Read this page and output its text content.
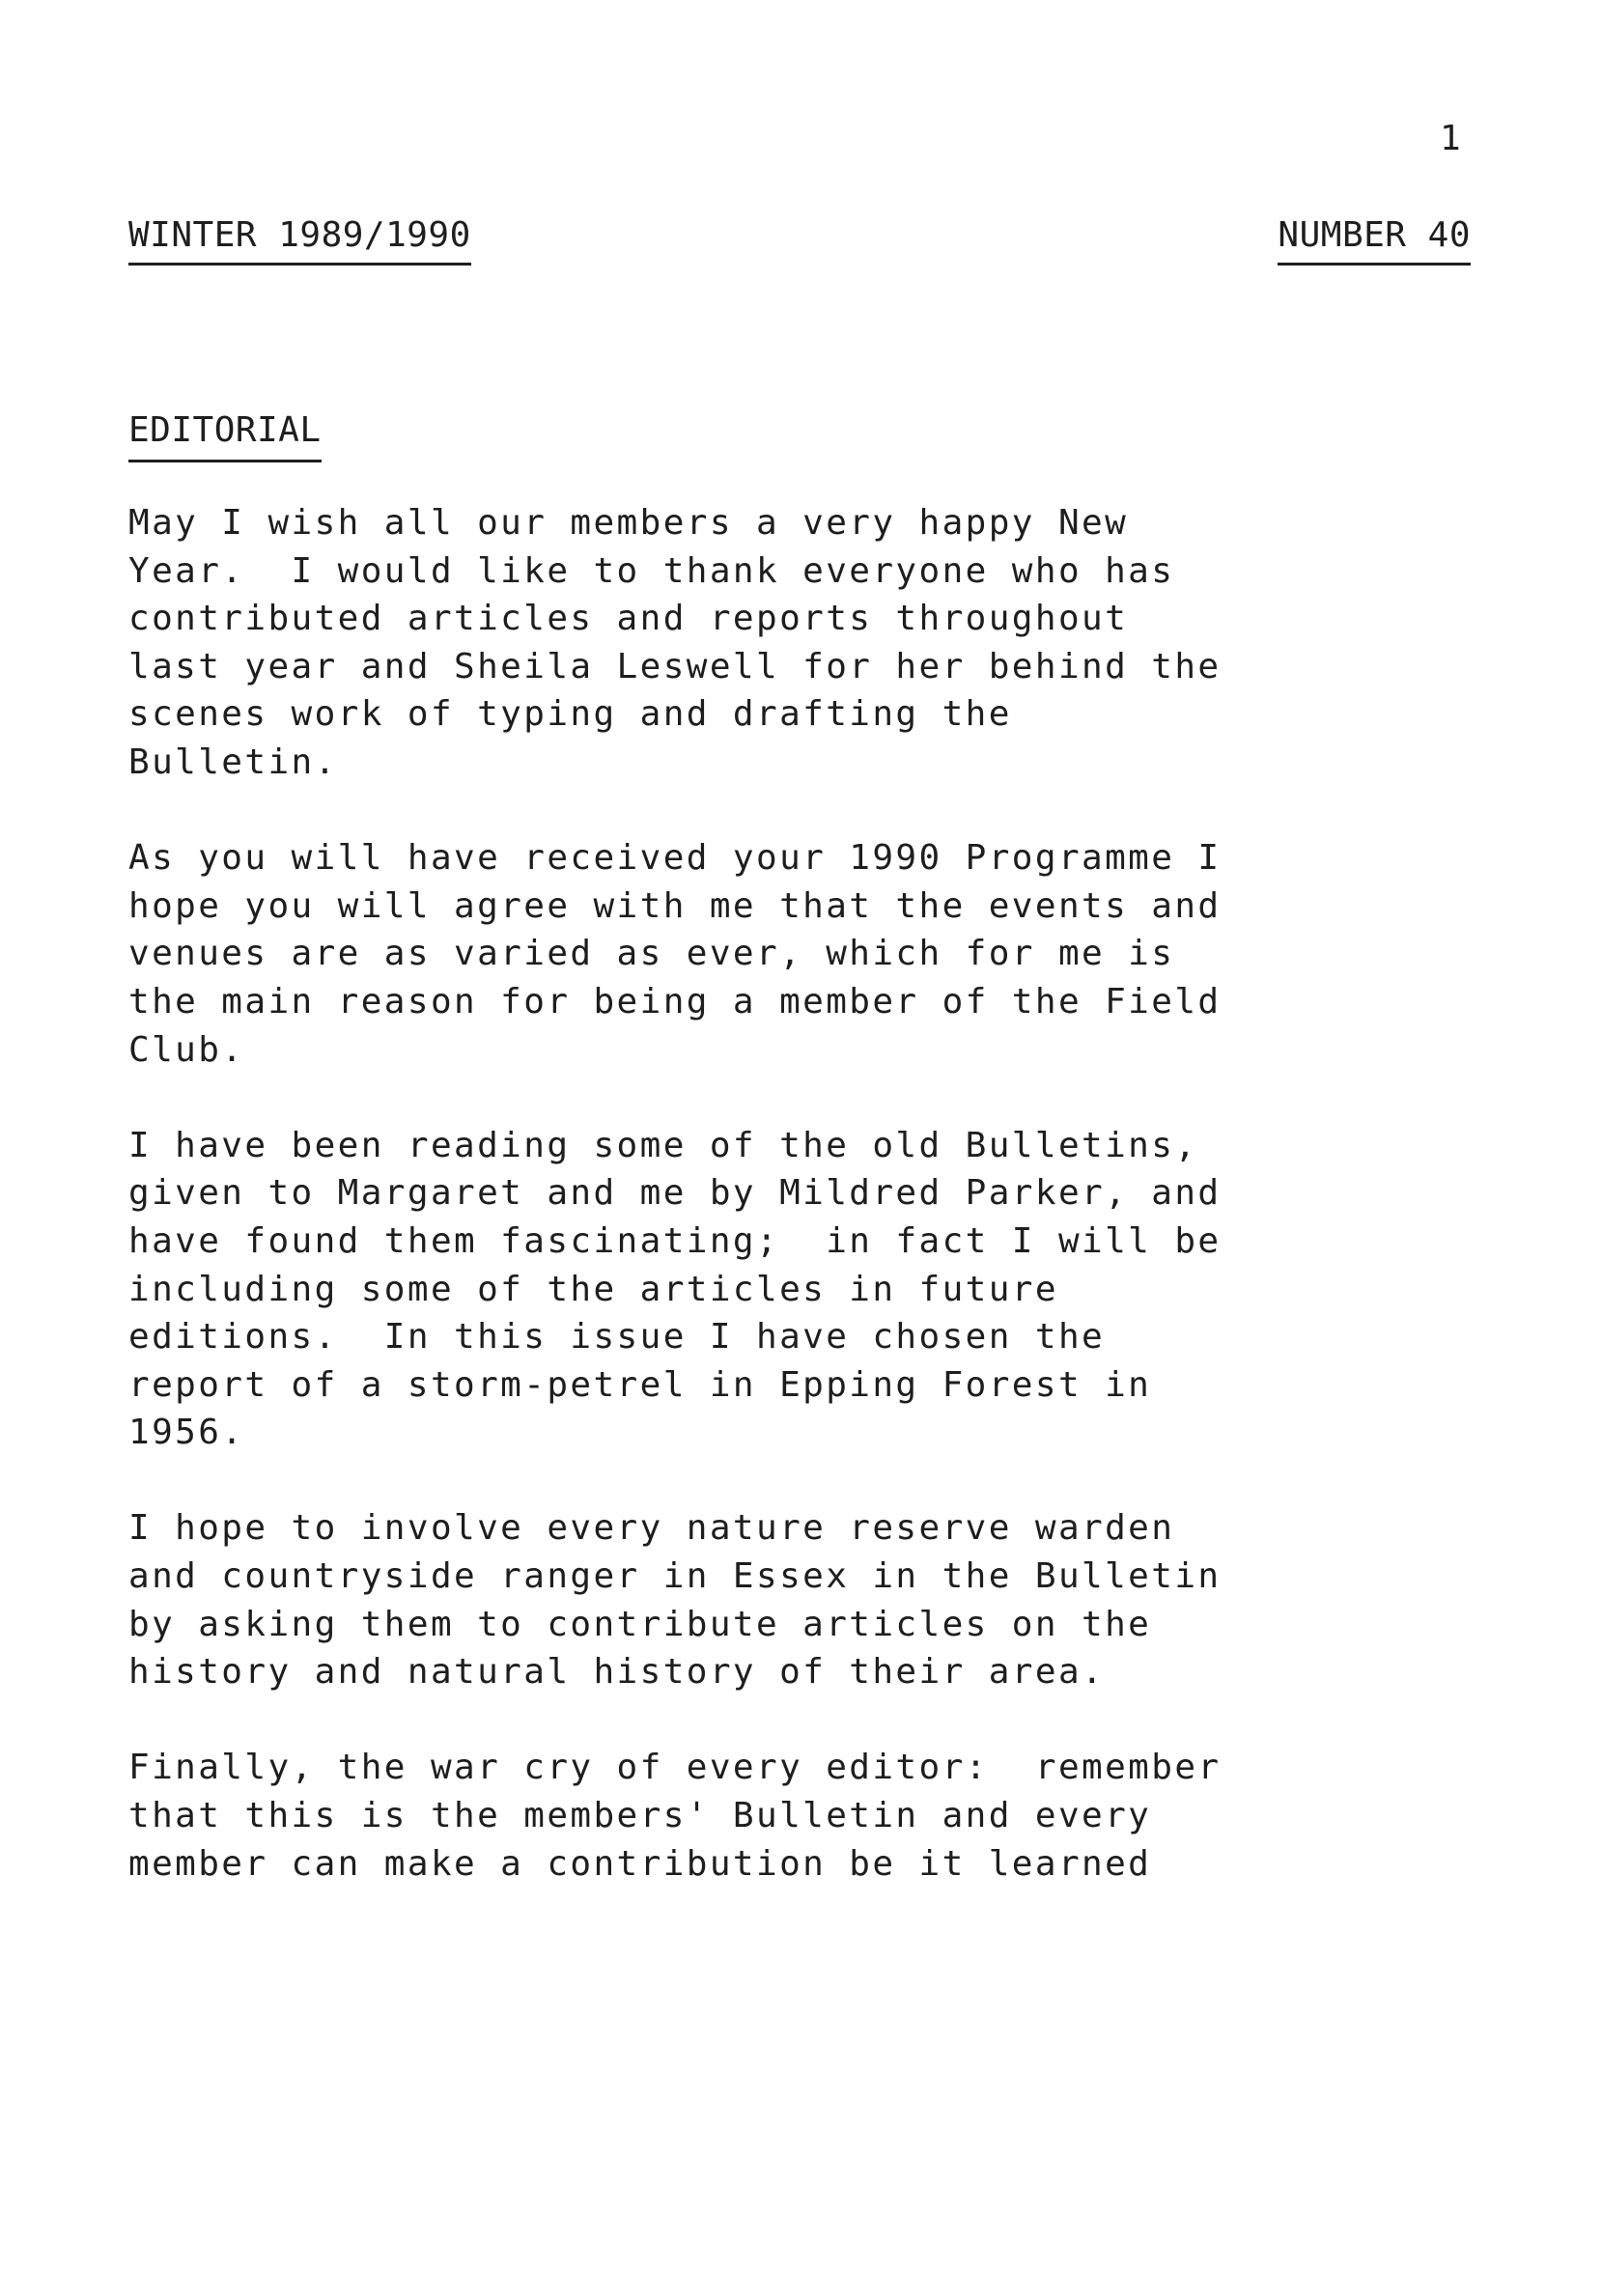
1
WINTER 1989/1990	NUMBER 40
EDITORIAL

May I wish all our members a very happy New
Year.  I would like to thank everyone who has
contributed articles and reports throughout
last year and Sheila Leswell for her behind the
scenes work of typing and drafting the
Bulletin.

As you will have received your 1990 Programme I
hope you will agree with me that the events and
venues are as varied as ever, which for me is
the main reason for being a member of the Field
Club.

I have been reading some of the old Bulletins,
given to Margaret and me by Mildred Parker, and
have found them fascinating;  in fact I will be
including some of the articles in future
editions.  In this issue I have chosen the
report of a storm-petrel in Epping Forest in
1956.

I hope to involve every nature reserve warden
and countryside ranger in Essex in the Bulletin
by asking them to contribute articles on the
history and natural history of their area.

Finally, the war cry of every editor:  remember
that this is the members' Bulletin and every
member can make a contribution be it learned
